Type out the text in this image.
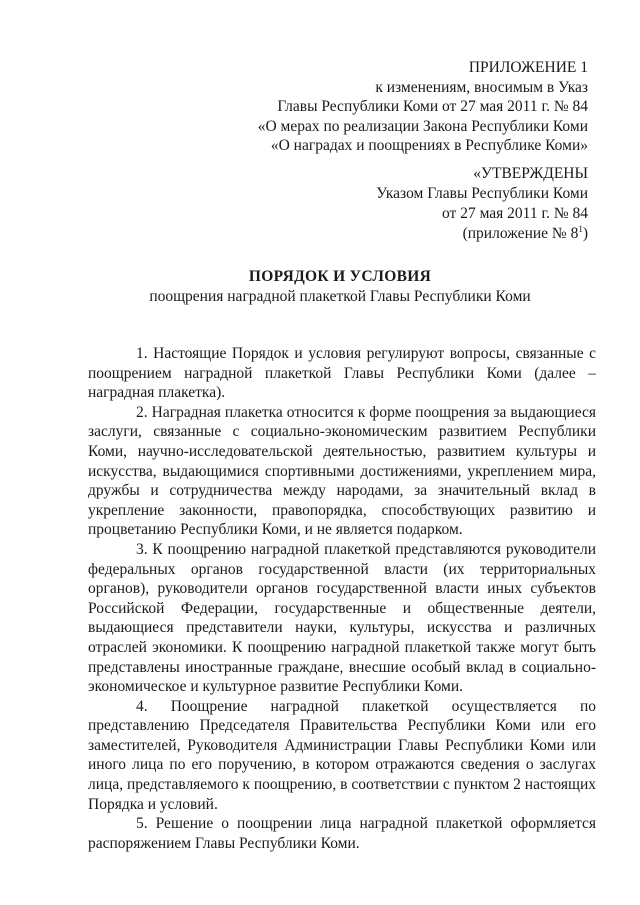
ПРИЛОЖЕНИЕ 1
к изменениям, вносимым в Указ
Главы Республики Коми от 27 мая 2011 г. № 84
«О мерах по реализации Закона Республики Коми
«О наградах и поощрениях в Республике Коми»
«УТВЕРЖДЕНЫ
Указом Главы Республики Коми
от 27 мая 2011 г. № 84
(приложение № $8^1$)
ПОРЯДОК И УСЛОВИЯ
поощрения наградной плакеткой Главы Республики Коми

1. Настоящие Порядок и условия регулируют вопросы, связанные с поощрением наградной плакеткой Главы Республики Коми (далее – наградная плакетка).

2. Наградная плакетка относится к форме поощрения за выдающиеся заслуги, связанные с социально-экономическим развитием Республики Коми, научно-исследовательской деятельностью, развитием культуры и искусства, выдающимися спортивными достижениями, укреплением мира, дружбы и сотрудничества между народами, за значительный вклад в укрепление законности, правопорядка, способствующих развитию и процветанию Республики Коми, и не является подарком.

3. К поощрению наградной плакеткой представляются руководители федеральных органов государственной власти (их территориальных органов), руководители органов государственной власти иных субъектов Российской Федерации, государственные и общественные деятели, выдающиеся представители науки, культуры, искусства и различных отраслей экономики. К поощрению наградной плакеткой также могут быть представлены иностранные граждане, внесшие особый вклад в социально-экономическое и культурное развитие Республики Коми.

4. Поощрение наградной плакеткой осуществляется по представлению Председателя Правительства Республики Коми или его заместителей, Руководителя Администрации Главы Республики Коми или иного лица по его поручению, в котором отражаются сведения о заслугах лица, представляемого к поощрению, в соответствии с пунктом 2 настоящих Порядка и условий.

5. Решение о поощрении лица наградной плакеткой оформляется распоряжением Главы Республики Коми.
